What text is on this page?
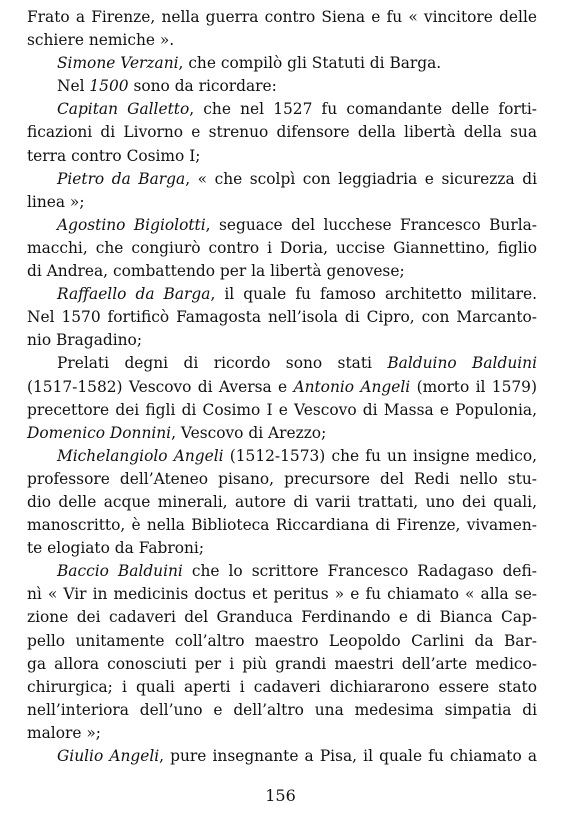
Frato a Firenze, nella guerra contro Siena e fu « vincitore delle
schiere nemiche ».
Simone Verzani, che compilò gli Statuti di Barga.
Nel 1500 sono da ricordare:
Capitan Galletto, che nel 1527 fu comandante delle forti-
ficazioni di Livorno e strenuo difensore della libertà della sua
terra contro Cosimo I;
Pietro da Barga, « che scolpì con leggiadria e sicurezza di
linea »;
Agostino Bigiolotti, seguace del lucchese Francesco Burla-
macchi, che congiurò contro i Doria, uccise Giannettino, figlio
di Andrea, combattendo per la libertà genovese;
Raffaello da Barga, il quale fu famoso architetto militare.
Nel 1570 fortificò Famagosta nell’isola di Cipro, con Marcanto-
nio Bragadino;
Prelati degni di ricordo sono stati Balduino Balduini
(1517-1582) Vescovo di Aversa e Antonio Angeli (morto il 1579)
precettore dei figli di Cosimo I e Vescovo di Massa e Populonia,
Domenico Donnini, Vescovo di Arezzo;
Michelangiolo Angeli (1512-1573) che fu un insigne medico,
professore dell’Ateneo pisano, precursore del Redi nello stu-
dio delle acque minerali, autore di varii trattati, uno dei quali,
manoscritto, è nella Biblioteca Riccardiana di Firenze, vivamen-
te elogiato da Fabroni;
Baccio Balduini che lo scrittore Francesco Radagaso defi-
nì « Vir in medicinis doctus et peritus » e fu chiamato « alla se-
zione dei cadaveri del Granduca Ferdinando e di Bianca Cap-
pello unitamente coll’altro maestro Leopoldo Carlini da Bar-
ga allora conosciuti per i più grandi maestri dell’arte medico-
chirurgica; i quali aperti i cadaveri dichiararono essere stato
nell’interiora dell’uno e dell’altro una medesima simpatia di
malore »;
Giulio Angeli, pure insegnante a Pisa, il quale fu chiamato a
156
